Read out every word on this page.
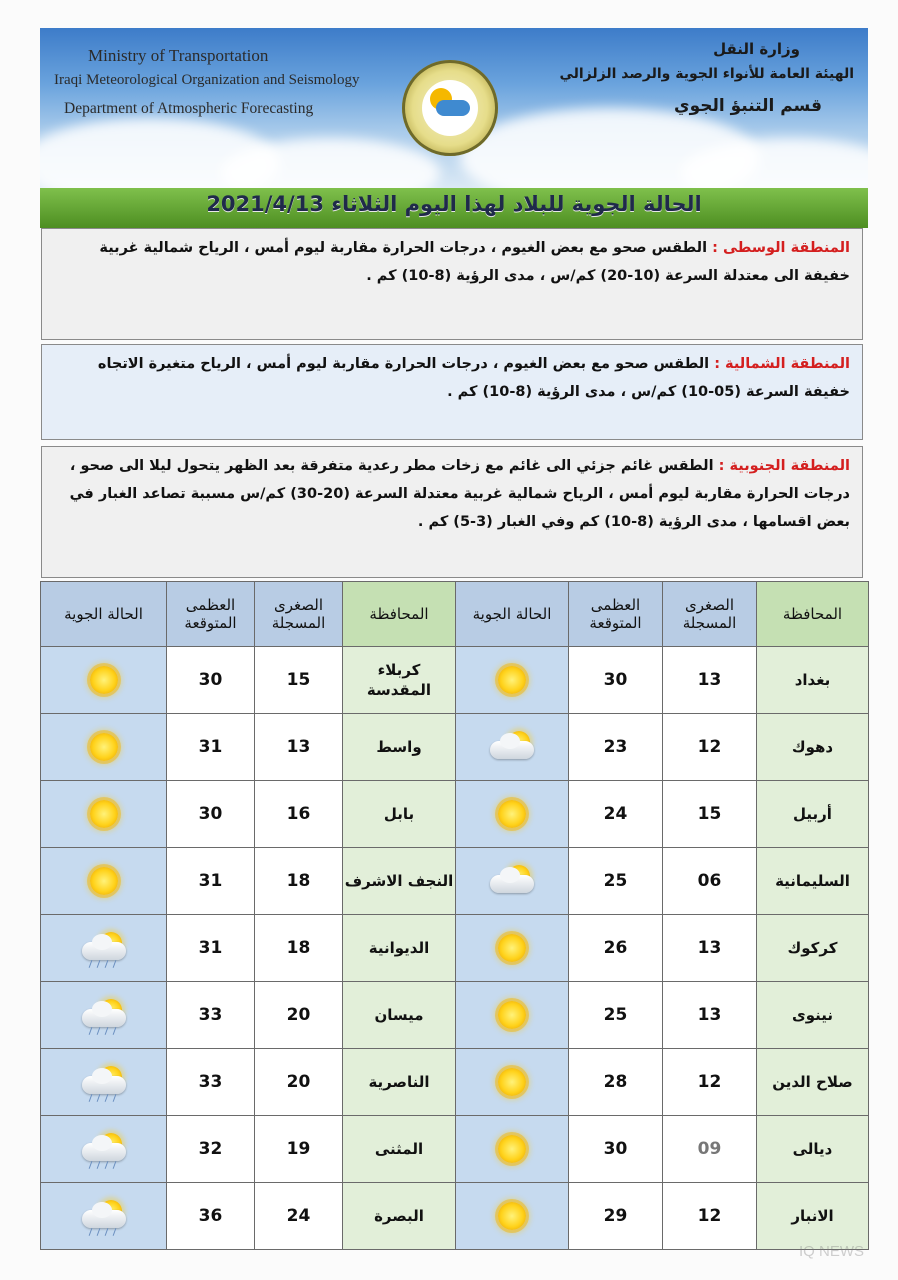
Ministry of Transportation
Iraqi Meteorological Organization and Seismology
Department of Atmospheric Forecasting
وزارة النقل
الهيئة العامة للأنواء الجوية والرصد الزلزالي
قسم التنبؤ الجوي
الحالة الجوية للبلاد لهذا اليوم الثلاثاء 2021/4/13
المنطقة الوسطى : الطقس صحو مع بعض الغيوم ، درجات الحرارة مقاربة ليوم أمس ، الرياح شمالية غربية خفيفة الى معتدلة السرعة (10-20) كم/س ، مدى الرؤية (8-10) كم .
المنطقة الشمالية : الطقس صحو مع بعض الغيوم ، درجات الحرارة مقاربة ليوم أمس ، الرياح متغيرة الاتجاه خفيفة السرعة (05-10) كم/س ، مدى الرؤية (8-10) كم .
المنطقة الجنوبية : الطقس غائم جزئي الى غائم مع زخات مطر رعدية متفرقة بعد الظهر يتحول ليلا الى صحو ، درجات الحرارة مقاربة ليوم أمس ، الرياح شمالية غربية معتدلة السرعة (20-30) كم/س مسببة تصاعد الغبار في بعض اقسامها ، مدى الرؤية (8-10) كم وفي الغبار (3-5) كم .
المحافظة	الصغرى المسجلة	العظمى المتوقعة	الحالة الجوية	المحافظة	الصغرى المسجلة	العظمى المتوقعة	الحالة الجوية
بغداد	13	30		كربلاء المقدسة	15	30	

دهوك	12	23		واسط	13	31	

أربيل	15	24		بابل	16	30	

السليمانية	06	25		النجف الاشرف	18	31	

كركوك	13	26		الديوانية	18	31	

نينوى	13	25		ميسان	20	33	

صلاح الدين	12	28		الناصرية	20	33	

ديالى	09	30		المثنى	19	32	

الانبار	12	29		البصرة	24	36	
IQ NEWS
